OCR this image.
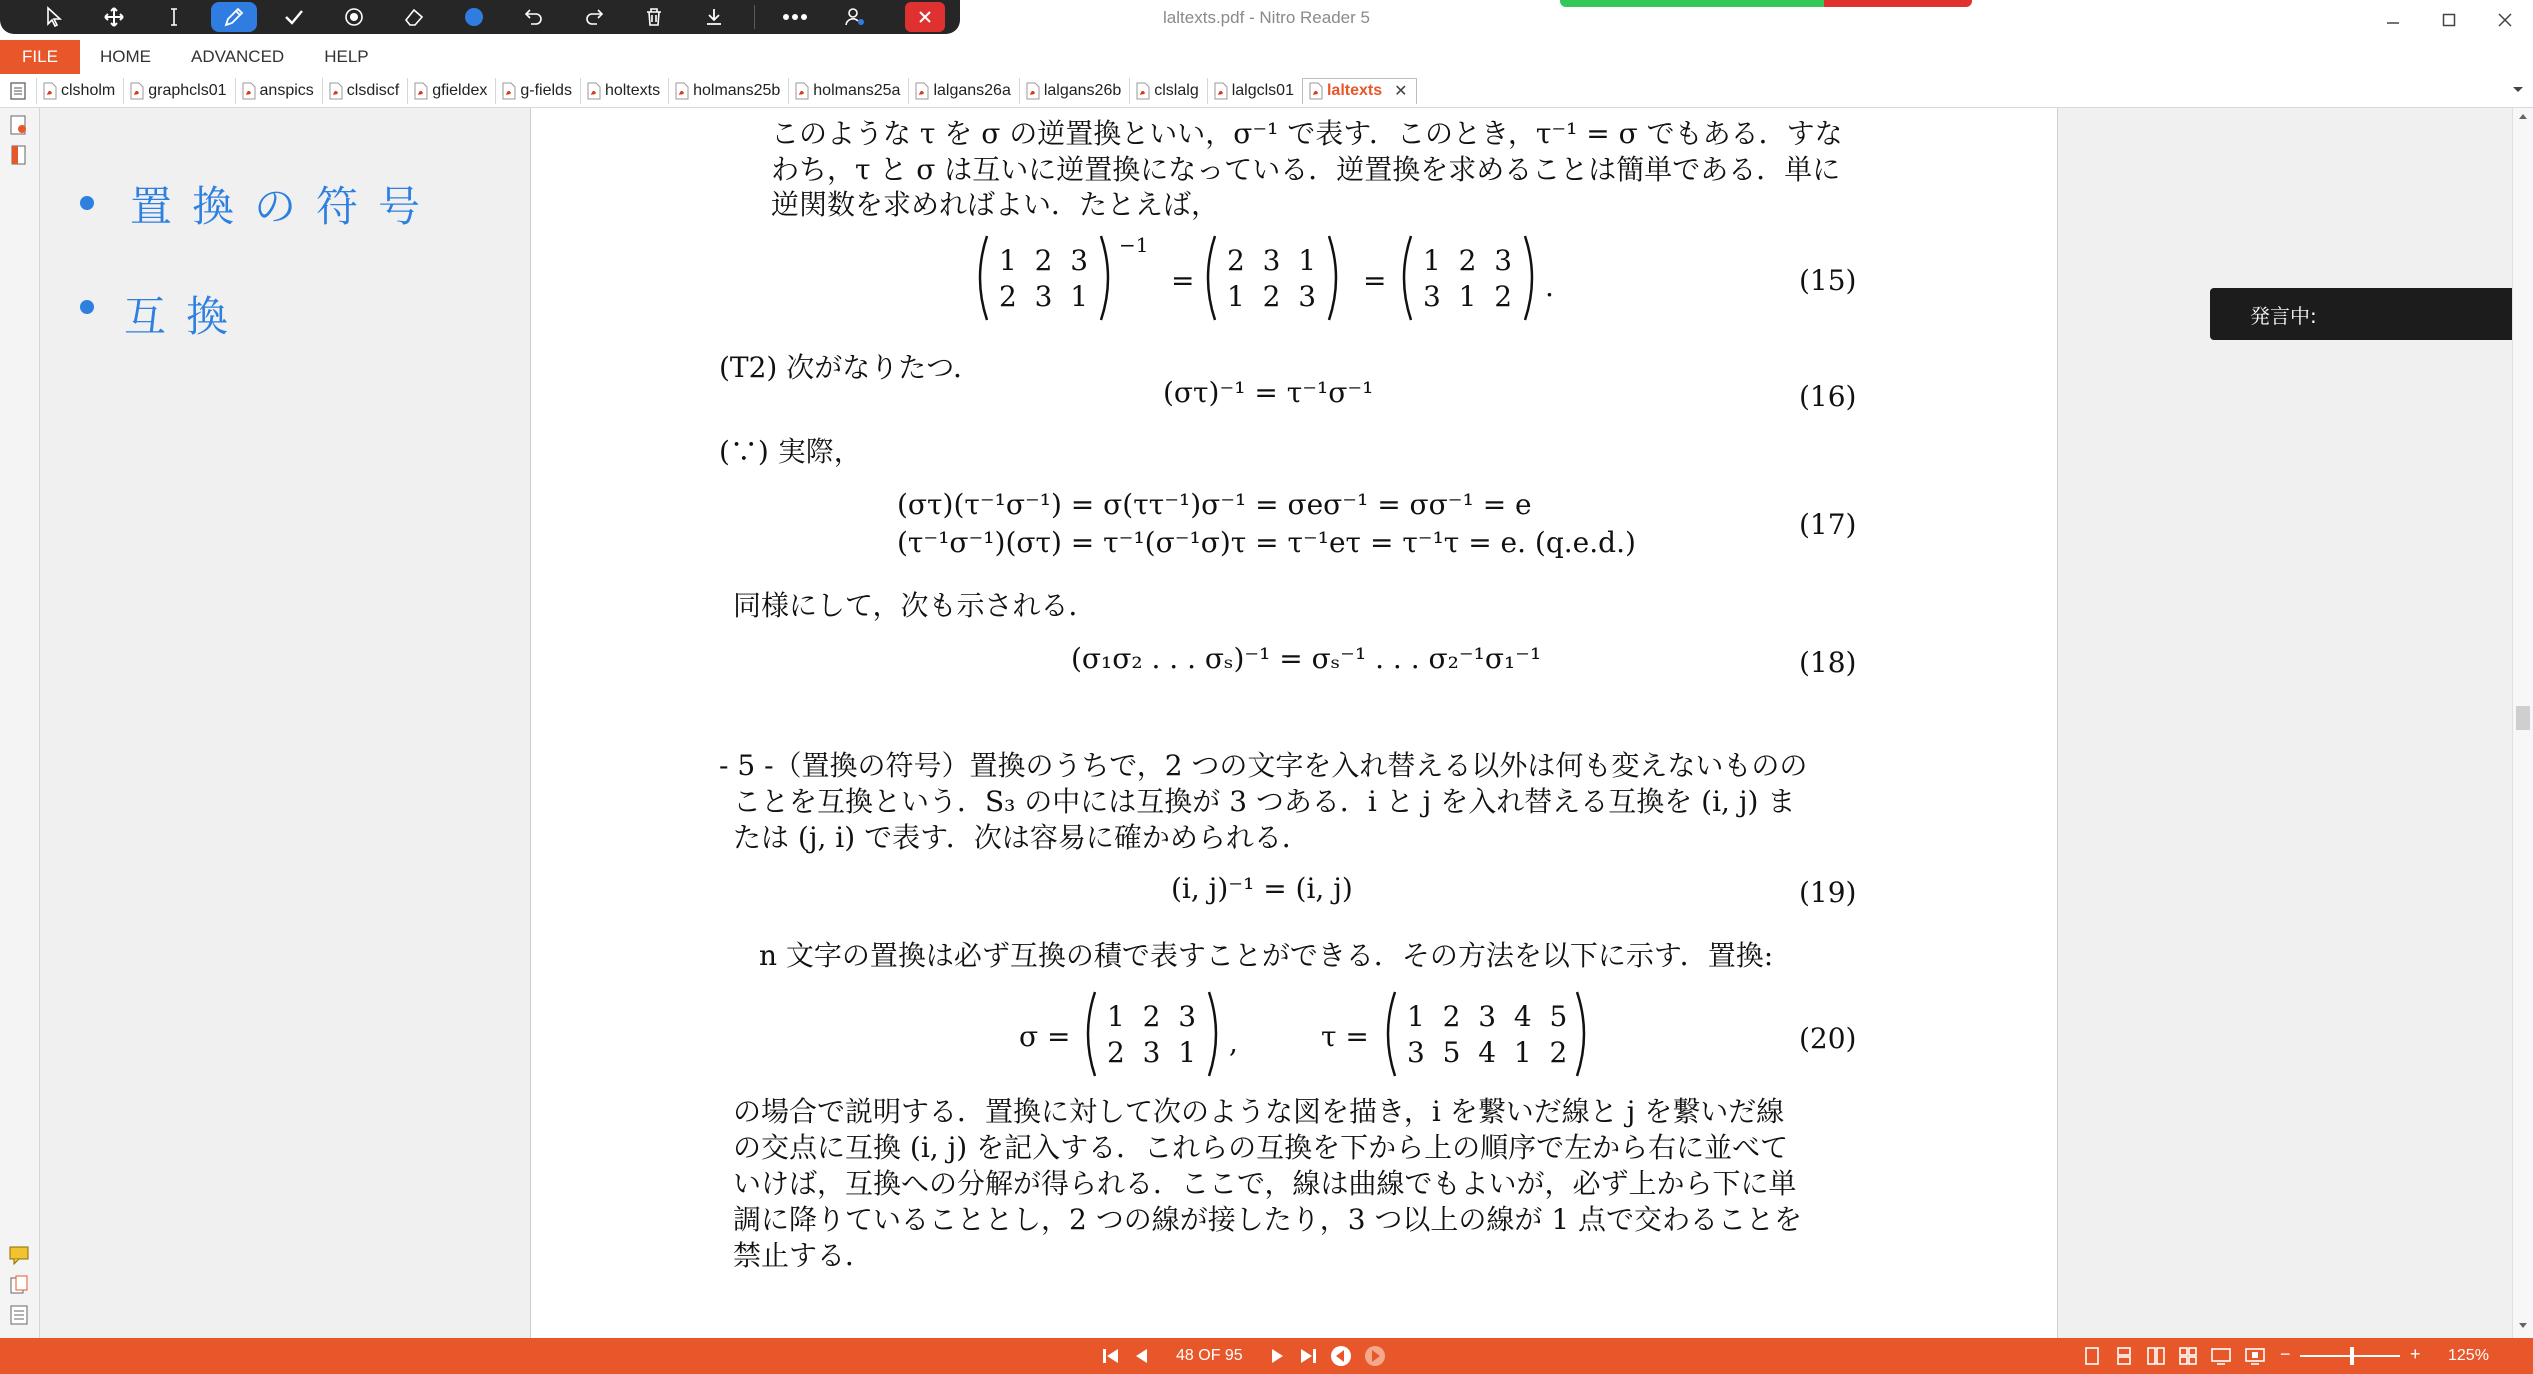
laltexts.pdf - Nitro Reader 5
FILE	HOME	ADVANCED	HELP
clsholm graphcls01 anspics clsdiscf gfieldex g-fields holtexts holmans25b holmans25a lalgans26a lalgans26b clslalg lalgcls01 laltexts ✕
置換の符号
互換
このような τ を σ の逆置換といい，σ⁻¹ で表す．このとき，τ⁻¹ = σ でもある．すな
わち，τ と σ は互いに逆置換になっている．逆置換を求めることは簡単である．単に
逆関数を求めればよい．たとえば，
1  2  3
2  3  1
−1
=
2  3  1
1  2  3 =
1  2  3
3  1  2 .	(15)
(T2) 次がなりたつ．
(στ)⁻¹ = τ⁻¹σ⁻¹	(16)
(∵) 実際，
(στ)(τ⁻¹σ⁻¹) = σ(ττ⁻¹)σ⁻¹ = σeσ⁻¹ = σσ⁻¹ = e
(τ⁻¹σ⁻¹)(στ) = τ⁻¹(σ⁻¹σ)τ = τ⁻¹eτ = τ⁻¹τ = e. (q.e.d.)
(17)
同様にして，次も示される．
(σ₁σ₂ . . . σₛ)⁻¹ = σₛ⁻¹ . . . σ₂⁻¹σ₁⁻¹	(18)
- 5 -（置換の符号）置換のうちで，2 つの文字を入れ替える以外は何も変えないものの
ことを互換という．S₃ の中には互換が 3 つある．i と j を入れ替える互換を (i, j) ま
たは (j, i) で表す．次は容易に確かめられる．
(i, j)⁻¹ = (i, j)	(19)
n 文字の置換は必ず互換の積で表すことができる．その方法を以下に示す．置換:
σ =
1  2  3
2  3  1 ,	τ =
1  2  3  4  5
3  5  4  1  2	(20)
の場合で説明する．置換に対して次のような図を描き，i を繋いだ線と j を繋いだ線
の交点に互換 (i, j) を記入する．これらの互換を下から上の順序で左から右に並べて
いけば，互換への分解が得られる．ここで，線は曲線でもよいが，必ず上から下に単
調に降りていることとし，2 つの線が接したり，3 つ以上の線が 1 点で交わることを
禁止する．
発言中:
48 OF 95	−	+ 125%
